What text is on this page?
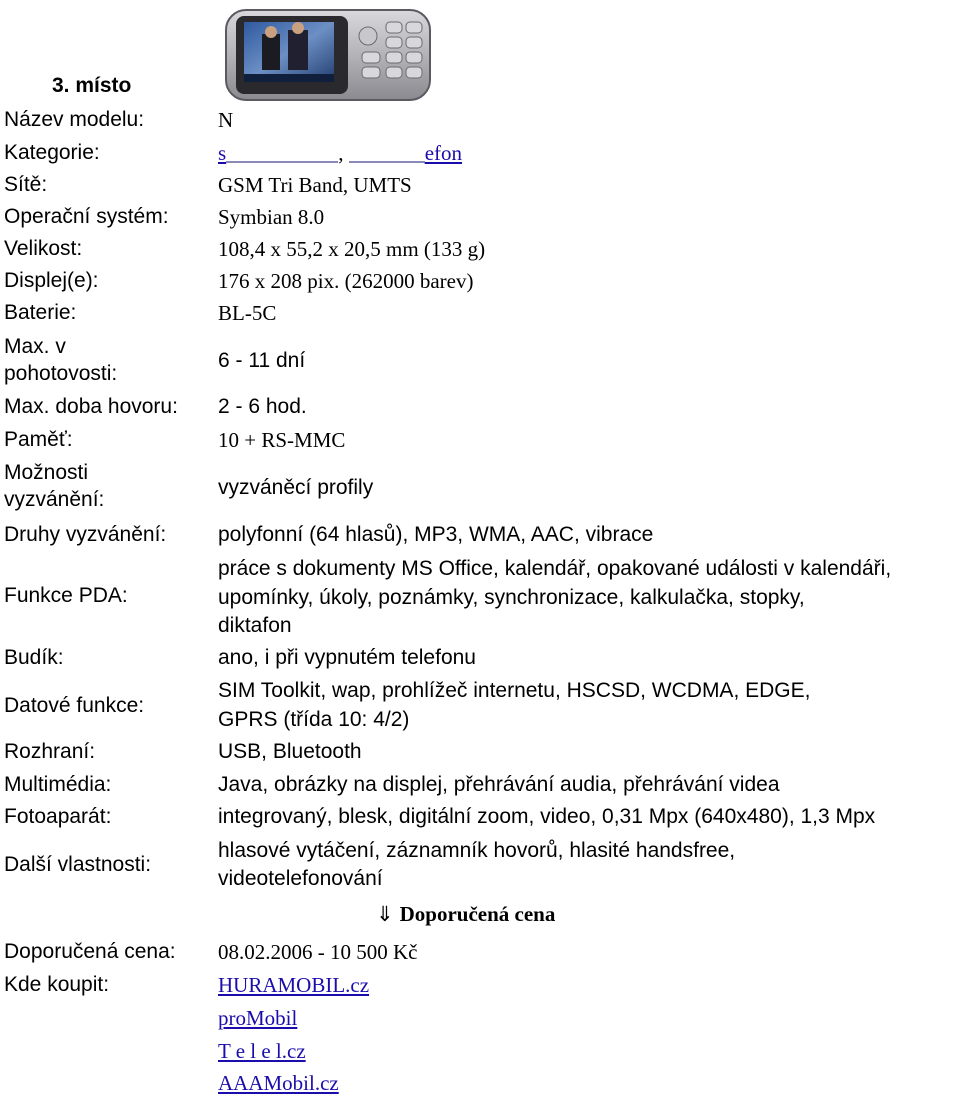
3. místo
Název modelu:	N
Kategorie:	s	,	efon
Sítě:	GSM Tri Band, UMTS
Operační systém:	Symbian 8.0
Velikost:	108,4 x 55,2 x 20,5 mm (133 g)
Displej(e):	176 x 208 pix. (262000 barev)
Baterie:	BL-5C
Max. v
pohotovosti:
6 - 11 dní
Max. doba hovoru:	2 - 6 hod.
Paměť:	10 + RS-MMC
Možnosti
vyzvánění:
vyzváněcí profily
Druhy vyzvánění:	polyfonní (64 hlasů), MP3, WMA, AAC, vibrace
Funkce PDA:
práce s dokumenty MS Office, kalendář, opakované události v kalendáři,
upomínky, úkoly, poznámky, synchronizace, kalkulačka, stopky,
diktafon
Budík:	ano, i při vypnutém telefonu
Datové funkce:
SIM Toolkit, wap, prohlížeč internetu, HSCSD, WCDMA, EDGE,
GPRS (třída 10: 4/2)
Rozhraní:	USB, Bluetooth
Multimédia:	Java, obrázky na displej, přehrávání audia, přehrávání videa
Fotoaparát:	integrovaný, blesk, digitální zoom, video, 0,31 Mpx (640x480), 1,3 Mpx
Další vlastnosti:
hlasové vytáčení, záznamník hovorů, hlasité handsfree,
videotelefonování
⇓ Doporučená cena
Doporučená cena:	08.02.2006 - 10 500 Kč
Kde koupit:	HURAMOBIL.cz
proMobil
T e l e l.cz
AAAMobil.cz
